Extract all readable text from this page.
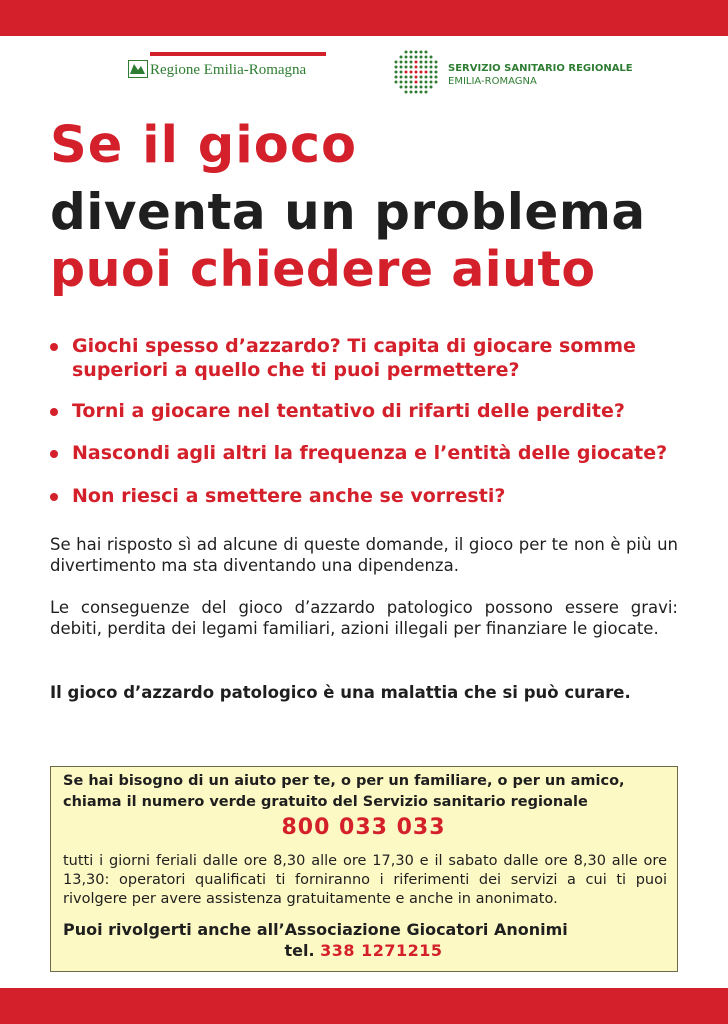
Regione Emilia-Romagna	SERVIZIO SANITARIO REGIONALE
EMILIA-ROMAGNA
Se il gioco
diventa un problema
puoi chiedere aiuto
Giochi spesso d’azzardo? Ti capita di giocare somme superiori a quello che ti puoi permettere?
Torni a giocare nel tentativo di rifarti delle perdite?
Nascondi agli altri la frequenza e l’entità delle giocate?
Non riesci a smettere anche se vorresti?

Se hai risposto sì ad alcune di queste domande, il gioco per te non è più un divertimento ma sta diventando una dipendenza.

Le conseguenze del gioco d’azzardo patologico possono essere gravi: debiti, perdita dei legami familiari, azioni illegali per finanziare le giocate.

Il gioco d’azzardo patologico è una malattia che si può curare.

Se hai bisogno di un aiuto per te, o per un familiare, o per un amico, chiama il numero verde gratuito del Servizio sanitario regionale
800 033 033
tutti i giorni feriali dalle ore 8,30 alle ore 17,30 e il sabato dalle ore 8,30 alle ore 13,30: operatori qualificati ti forniranno i riferimenti dei servizi a cui ti puoi rivolgere per avere assistenza gratuitamente e anche in anonimato.
Puoi rivolgerti anche all’Associazione Giocatori Anonimi
tel. 338 1271215
